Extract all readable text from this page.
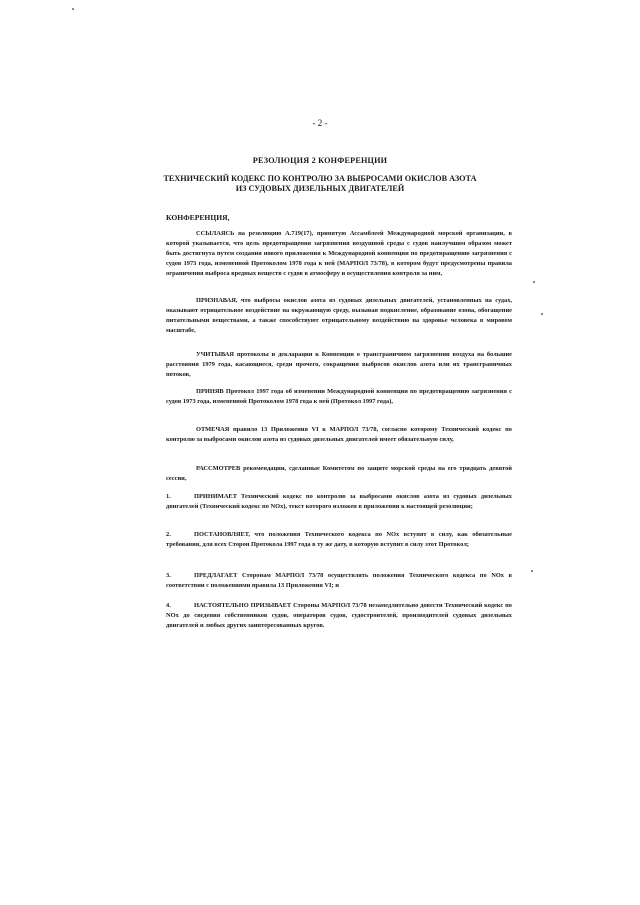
- 2 -
РЕЗОЛЮЦИЯ 2 КОНФЕРЕНЦИИ
ТЕХНИЧЕСКИЙ КОДЕКС ПО КОНТРОЛЮ ЗА ВЫБРОСАМИ ОКИСЛОВ АЗОТА
ИЗ СУДОВЫХ ДИЗЕЛЬНЫХ ДВИГАТЕЛЕЙ
КОНФЕРЕНЦИЯ,
ССЫЛАЯСЬ на резолюцию A.719(17), принятую Ассамблеей Международной морской организации, в которой указывается, что цель предотвращения загрязнения воздушной среды с судов наилучшим образом может быть достигнута путем создания нового приложения к Международной конвенции по предотвращению загрязнения с судов 1973 года, измененной Протоколом 1978 года к ней (МАРПОЛ 73/78), в котором будут предусмотрены правила ограничения выброса вредных веществ с судов в атмосферу и осуществления контроля за ним,
ПРИЗНАВАЯ, что выбросы окислов азота из судовых дизельных двигателей, установленных на судах, оказывают отрицательное воздействие на окружающую среду, вызывая подкисление, образование озона, обогащение питательными веществами, а также способствуют отрицательному воздействию на здоровье человека в мировом масштабе,
УЧИТЫВАЯ протоколы и декларации к Конвенции о трансграничном загрязнении воздуха на большие расстояния 1979 года, касающиеся, среди прочего, сокращения выбросов окислов азота или их трансграничных потоков,
ПРИНЯВ Протокол 1997 года об изменении Международной конвенции по предотвращению загрязнения с судов 1973 года, измененной Протоколом 1978 года к ней (Протокол 1997 года),
ОТМЕЧАЯ правило 13 Приложения VI к МАРПОЛ 73/78, согласно которому Технический кодекс по контролю за выбросами окислов азота из судовых дизельных двигателей имеет обязательную силу,
РАССМОТРЕВ рекомендации, сделанные Комитетом по защите морской среды на его тридцать девятой сессии,
1.	ПРИНИМАЕТ Технический кодекс по контролю за выбросами окислов азота из судовых дизельных двигателей (Технический кодекс по NOx), текст которого изложен в приложении к настоящей резолюции;
2.	ПОСТАНОВЛЯЕТ, что положения Технического кодекса по NOx вступят в силу, как обязательные требования, для всех Сторон Протокола 1997 года в ту же дату, в которую вступит в силу этот Протокол;
3.	ПРЕДЛАГАЕТ Сторонам МАРПОЛ 73/78 осуществлять положения Технического кодекса по NOx в соответствии с положениями правила 13 Приложения VI; и
4.	НАСТОЯТЕЛЬНО ПРИЗЫВАЕТ Стороны МАРПОЛ 73/78 незамедлительно довести Технический кодекс по NOx до сведения собственников судов, операторов судов, судостроителей, производителей судовых дизельных двигателей и любых других заинтересованных кругов.
